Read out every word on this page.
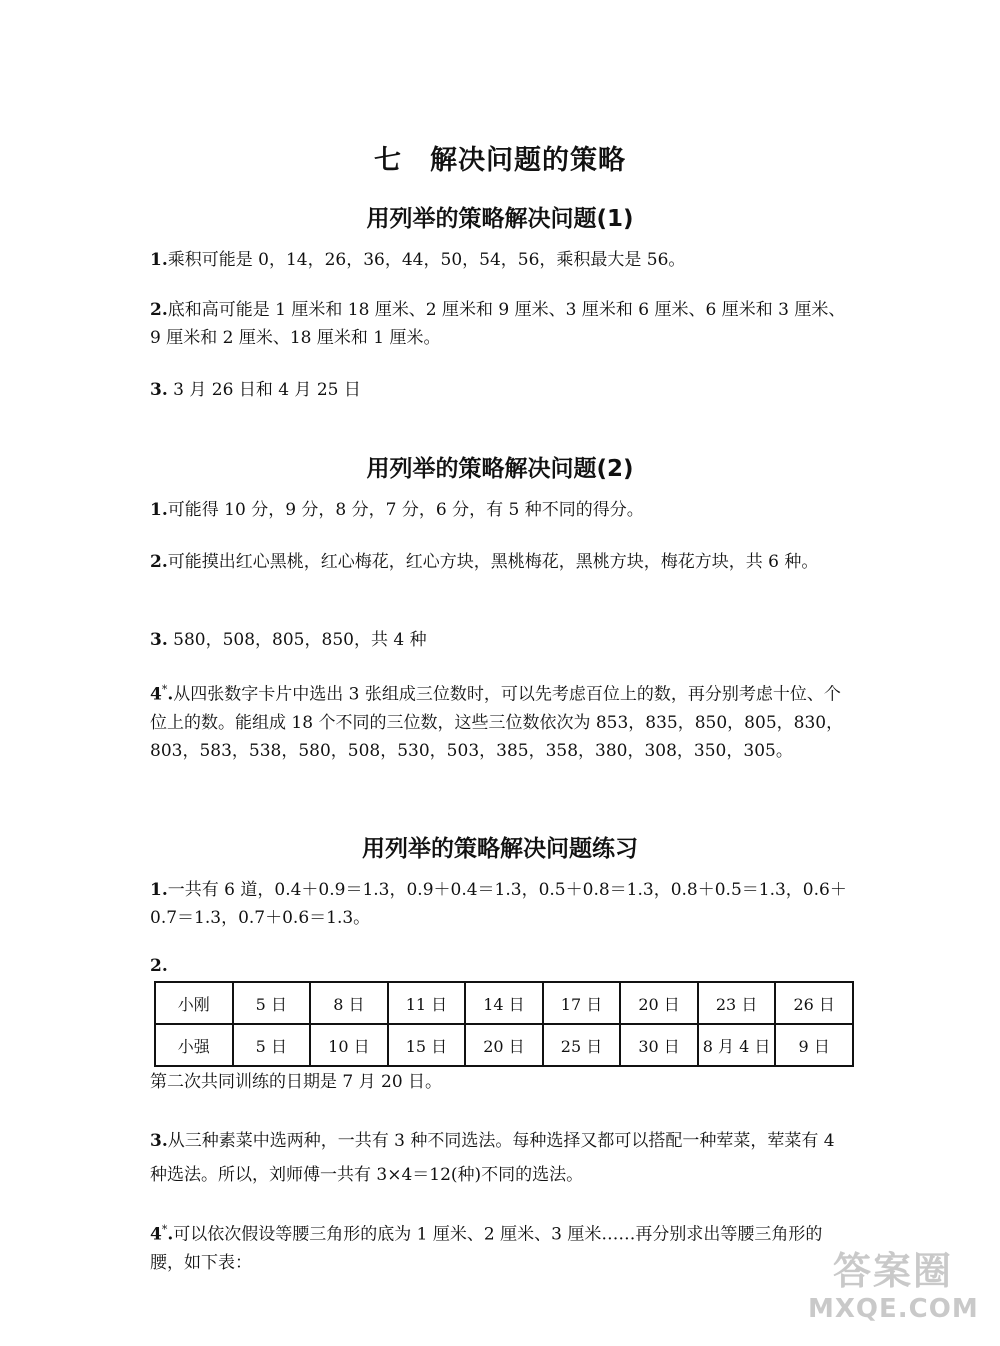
七　解决问题的策略
用列举的策略解决问题(1)

1.乘积可能是 0，14，26，36，44，50，54，56，乘积最大是 56。

2.底和高可能是 1 厘米和 18 厘米、2 厘米和 9 厘米、3 厘米和 6 厘米、6 厘米和 3 厘米、9 厘米和 2 厘米、18 厘米和 1 厘米。

3. 3 月 26 日和 4 月 25 日

用列举的策略解决问题(2)

1.可能得 10 分，9 分，8 分，7 分，6 分，有 5 种不同的得分。

2.可能摸出红心黑桃，红心梅花，红心方块，黑桃梅花，黑桃方块，梅花方块，共 6 种。

3. 580，508，805，850，共 4 种

4*.从四张数字卡片中选出 3 张组成三位数时，可以先考虑百位上的数，再分别考虑十位、个位上的数。能组成 18 个不同的三位数，这些三位数依次为 853，835，850，805，830，803，583，538，580，508，530，503，385，358，380，308，350，305。

用列举的策略解决问题练习

1.一共有 6 道，0.4＋0.9＝1.3，0.9＋0.4＝1.3，0.5＋0.8＝1.3，0.8＋0.5＝1.3，0.6＋0.7＝1.3，0.7＋0.6＝1.3。

2.

小刚	5 日	8 日	11 日	14 日	17 日	20 日	23 日	26 日
小强	5 日	10 日	15 日	20 日	25 日	30 日	8 月 4 日	9 日

第二次共同训练的日期是 7 月 20 日。

3.从三种素菜中选两种，一共有 3 种不同选法。每种选择又都可以搭配一种荤菜，荤菜有 4 种选法。所以，刘师傅一共有 3×4＝12(种)不同的选法。

4*.可以依次假设等腰三角形的底为 1 厘米、2 厘米、3 厘米……再分别求出等腰三角形的腰，如下表：	答案圈
MXQE.COM
